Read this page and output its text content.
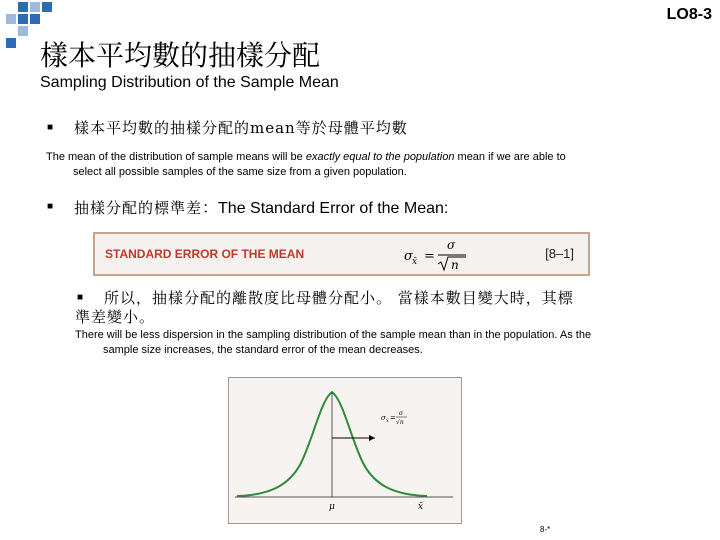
LO8-3
樣本平均數的抽樣分配
Sampling Distribution of the Sample Mean
■ 樣本平均數的抽樣分配的mean等於母體平均數
The mean of the distribution of sample means will be exactly equal to the population mean if we are able to
select all possible samples of the same size from a given population.
■ 抽樣分配的標準差：The Standard Error of the Mean:
STANDARD ERROR OF THE MEAN	σ x̄ =
σ
n
[8–1]
■ 所以，抽樣分配的離散度比母體分配小。 當樣本數目變大時，其標
準差變小。
There will be less dispersion in the sampling distribution of the sample mean than in the population. As the
sample size increases, the standard error of the mean decreases.
σ x̄ =
σ
√n
μ	x̄
8-*
